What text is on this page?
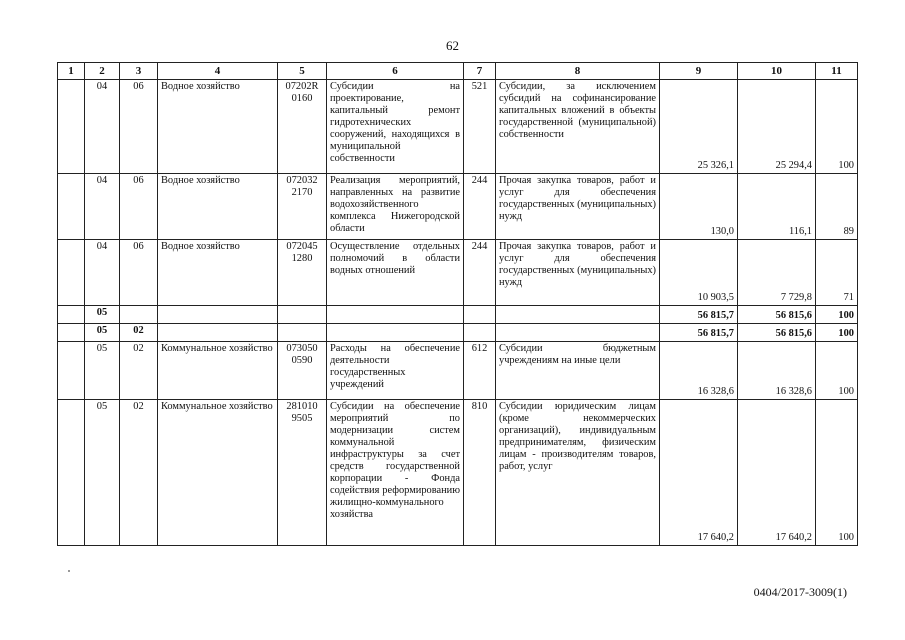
62
1	2	3	4	5	6	7	8	9	10	11
	04	06	Водное хозяйство	07202R 0160	Субсидии на проектирование, капитальный ремонт гидротехнических сооружений, находящихся в муниципальной собственности	521	Субсидии, за исключением субсидий на софинансирование капитальных вложений в объекты государственной (муниципальной) собственности	25 326,1	25 294,4	100
	04	06	Водное хозяйство	072032 2170	Реализация мероприятий, направленных на развитие водохозяйственного комплекса Нижегородской области	244	Прочая закупка товаров, работ и услуг для обеспечения государственных (муниципальных) нужд	130,0	116,1	89
	04	06	Водное хозяйство	072045 1280	Осуществление отдельных полномочий в области водных отношений	244	Прочая закупка товаров, работ и услуг для обеспечения государственных (муниципальных) нужд	10 903,5	7 729,8	71
	05							56 815,7	56 815,6	100
	05	02						56 815,7	56 815,6	100
	05	02	Коммунальное хозяйство	073050 0590	Расходы на обеспечение деятельности государственных учреждений	612	Субсидии бюджетным учреждениям на иные цели	16 328,6	16 328,6	100
	05	02	Коммунальное хозяйство	281010 9505	Субсидии на обеспечение мероприятий по модернизации систем коммунальной инфраструктуры за счет средств государственной корпорации - Фонда содействия реформированию жилищно-коммунального хозяйства	810	Субсидии юридическим лицам (кроме некоммерческих организаций), индивидуальным предпринимателям, физическим лицам - производителям товаров, работ, услуг	17 640,2	17 640,2	100
0404/2017-3009(1)
